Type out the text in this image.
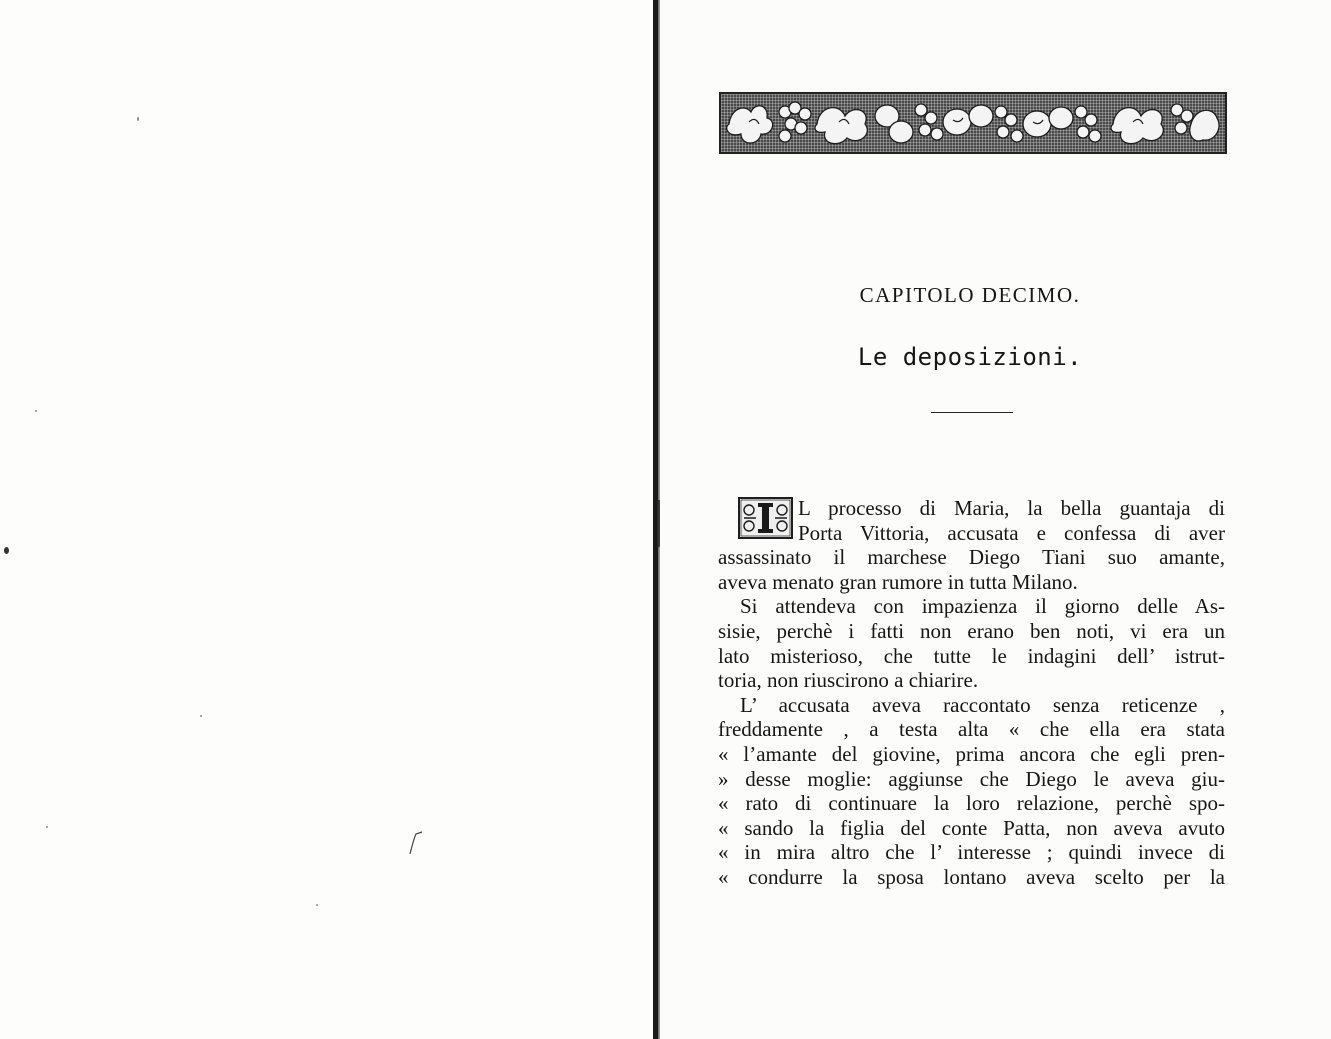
CAPITOLO DECIMO.
Le deposizioni.
L processo di Maria, la bella guantaja di
Porta Vittoria, accusata e confessa di aver
assassinato il marchese Diego Tiani suo amante,
aveva menato gran rumore in tutta Milano.
Si attendeva con impazienza il giorno delle As-
sisie, perchè i fatti non erano ben noti, vi era un
lato misterioso, che tutte le indagini dell’ istrut-
toria, non riuscirono a chiarire.
L’ accusata aveva raccontato senza reticenze ,
freddamente , a testa alta « che ella era stata
« l’amante del giovine, prima ancora che egli pren-
» desse moglie: aggiunse che Diego le aveva giu-
« rato di continuare la loro relazione, perchè spo-
« sando la figlia del conte Patta, non aveva avuto
« in mira altro che l’ interesse ; quindi invece di
« condurre la sposa lontano aveva scelto per la
